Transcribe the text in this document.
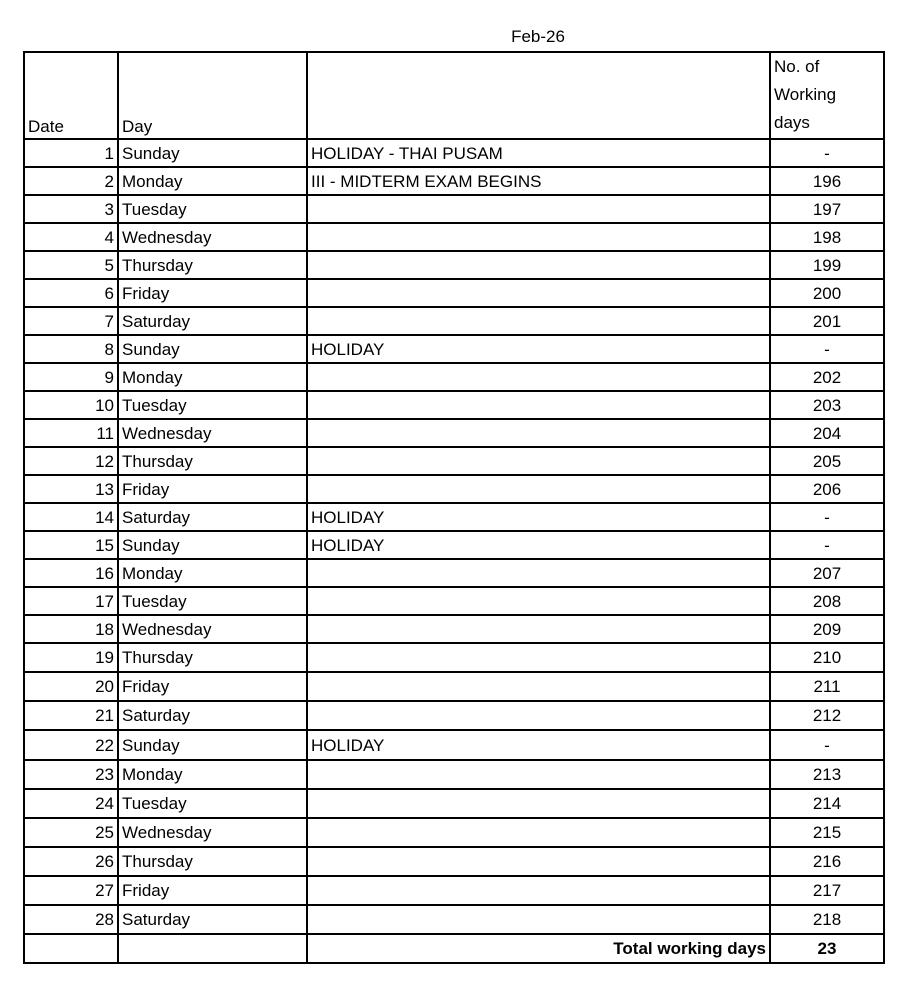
Feb-26
Date	Day		No. of
Working
days
1	Sunday	HOLIDAY - THAI PUSAM	-
2	Monday	III - MIDTERM EXAM BEGINS	196
3	Tuesday		197
4	Wednesday		198
5	Thursday		199
6	Friday		200
7	Saturday		201
8	Sunday	HOLIDAY	-
9	Monday		202
10	Tuesday		203
11	Wednesday		204
12	Thursday		205
13	Friday		206
14	Saturday	HOLIDAY	-
15	Sunday	HOLIDAY	-
16	Monday		207
17	Tuesday		208
18	Wednesday		209
19	Thursday		210
20	Friday		211
21	Saturday		212
22	Sunday	HOLIDAY	-
23	Monday		213
24	Tuesday		214
25	Wednesday		215
26	Thursday		216
27	Friday		217
28	Saturday		218
		Total working days	23
